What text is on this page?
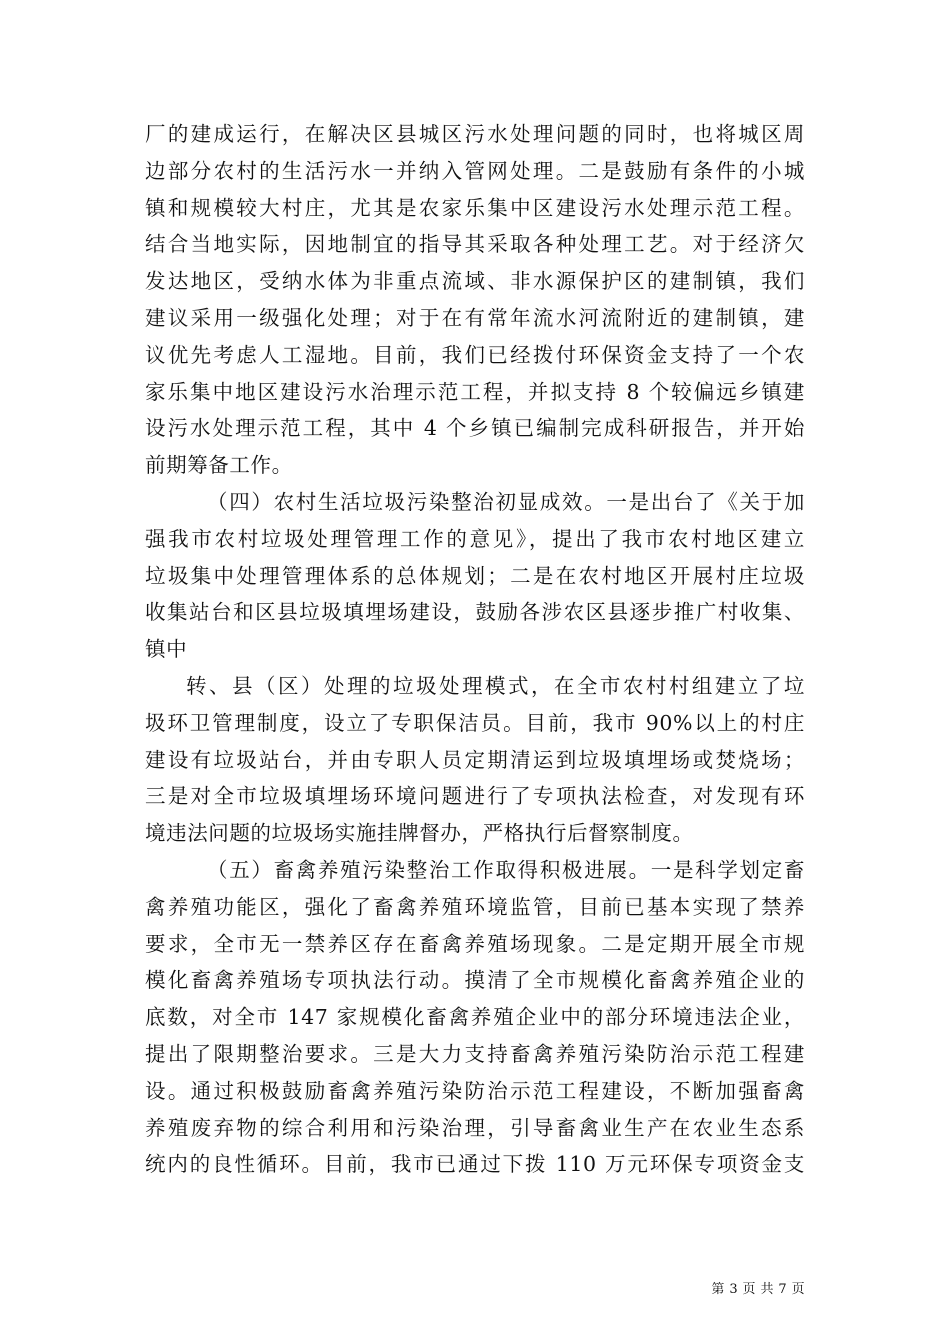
厂的建成运行，在解决区县城区污水处理问题的同时，也将城区周
边部分农村的生活污水一并纳入管网处理。二是鼓励有条件的小城
镇和规模较大村庄，尤其是农家乐集中区建设污水处理示范工程。
结合当地实际，因地制宜的指导其采取各种处理工艺。对于经济欠
发达地区，受纳水体为非重点流域、非水源保护区的建制镇，我们
建议采用一级强化处理；对于在有常年流水河流附近的建制镇，建
议优先考虑人工湿地。目前，我们已经拨付环保资金支持了一个农
家乐集中地区建设污水治理示范工程，并拟支持 8 个较偏远乡镇建
设污水处理示范工程，其中 4 个乡镇已编制完成科研报告，并开始
前期筹备工作。
（四）农村生活垃圾污染整治初显成效。一是出台了《关于加
强我市农村垃圾处理管理工作的意见》，提出了我市农村地区建立
垃圾集中处理管理体系的总体规划；二是在农村地区开展村庄垃圾
收集站台和区县垃圾填埋场建设，鼓励各涉农区县逐步推广村收集、
镇中
转、县（区）处理的垃圾处理模式，在全市农村村组建立了垃
圾环卫管理制度，设立了专职保洁员。目前，我市 90%以上的村庄
建设有垃圾站台，并由专职人员定期清运到垃圾填埋场或焚烧场；
三是对全市垃圾填埋场环境问题进行了专项执法检查，对发现有环
境违法问题的垃圾场实施挂牌督办，严格执行后督察制度。
（五）畜禽养殖污染整治工作取得积极进展。一是科学划定畜
禽养殖功能区，强化了畜禽养殖环境监管，目前已基本实现了禁养
要求，全市无一禁养区存在畜禽养殖场现象。二是定期开展全市规
模化畜禽养殖场专项执法行动。摸清了全市规模化畜禽养殖企业的
底数，对全市 147 家规模化畜禽养殖企业中的部分环境违法企业，
提出了限期整治要求。三是大力支持畜禽养殖污染防治示范工程建
设。通过积极鼓励畜禽养殖污染防治示范工程建设，不断加强畜禽
养殖废弃物的综合利用和污染治理，引导畜禽业生产在农业生态系
统内的良性循环。目前，我市已通过下拨 110 万元环保专项资金支
第 3 页 共 7 页
